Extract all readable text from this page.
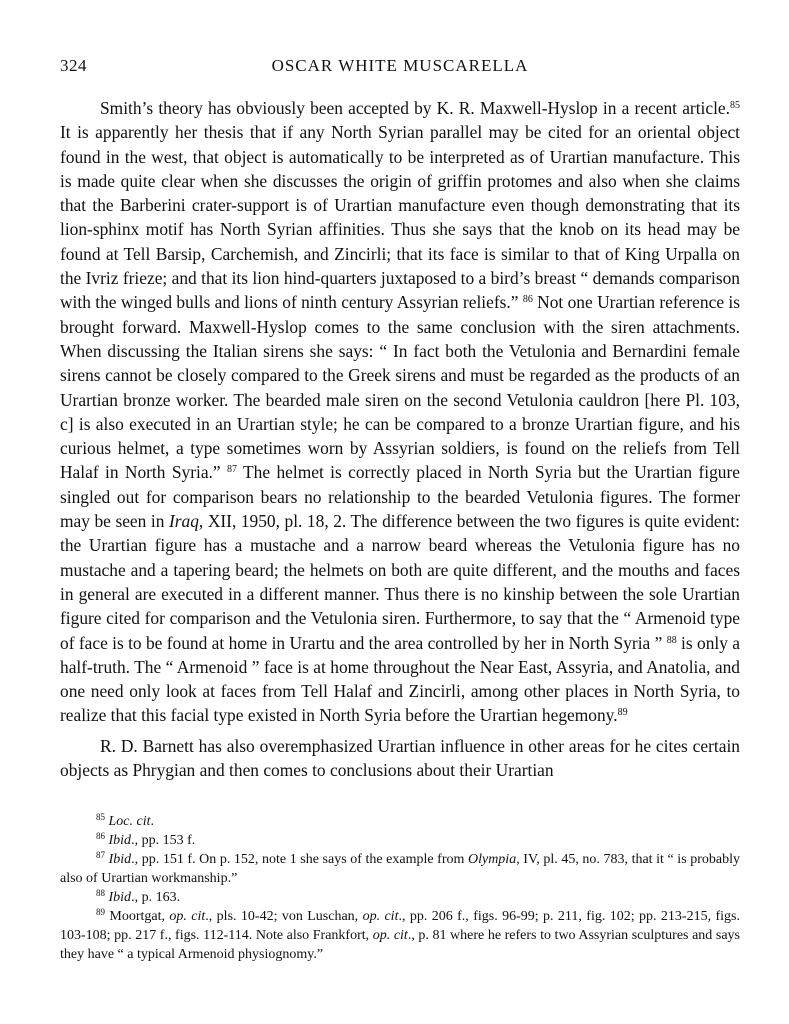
324	OSCAR WHITE MUSCARELLA

Smith’s theory has obviously been accepted by K. R. Maxwell-Hyslop in a recent article.$^{85}$ It is apparently her thesis that if any North Syrian parallel may be cited for an oriental object found in the west, that object is automatically to be interpreted as of Urartian manufacture. This is made quite clear when she discusses the origin of griffin protomes and also when she claims that the Barberini crater-support is of Urartian manufacture even though demonstrating that its lion-sphinx motif has North Syrian affinities. Thus she says that the knob on its head may be found at Tell Barsip, Carchemish, and Zincirli; that its face is similar to that of King Urpalla on the Ivriz frieze; and that its lion hind-quarters juxtaposed to a bird’s breast “ demands comparison with the winged bulls and lions of ninth century Assyrian reliefs.” $^{86}$ Not one Urartian reference is brought forward. Maxwell-Hyslop comes to the same conclusion with the siren attachments. When discussing the Italian sirens she says: “ In fact both the Vetulonia and Bernardini female sirens cannot be closely compared to the Greek sirens and must be regarded as the products of an Urartian bronze worker. The bearded male siren on the second Vetulonia cauldron [here Pl. 103, c] is also executed in an Urartian style; he can be compared to a bronze Urartian figure, and his curious helmet, a type sometimes worn by Assyrian soldiers, is found on the reliefs from Tell Halaf in North Syria.” $^{87}$ The helmet is correctly placed in North Syria but the Urartian figure singled out for comparison bears no relationship to the bearded Vetulonia figures. The former may be seen in Iraq, XII, 1950, pl. 18, 2. The difference between the two figures is quite evident: the Urartian figure has a mustache and a narrow beard whereas the Vetulonia figure has no mustache and a tapering beard; the helmets on both are quite different, and the mouths and faces in general are executed in a different manner. Thus there is no kinship between the sole Urartian figure cited for comparison and the Vetulonia siren. Furthermore, to say that the “ Armenoid type of face is to be found at home in Urartu and the area controlled by her in North Syria ” $^{88}$ is only a half-truth. The “ Armenoid ” face is at home throughout the Near East, Assyria, and Anatolia, and one need only look at faces from Tell Halaf and Zincirli, among other places in North Syria, to realize that this facial type existed in North Syria before the Urartian hegemony.$^{89}$

R. D. Barnett has also overemphasized Urartian influence in other areas for he cites certain objects as Phrygian and then comes to conclusions about their Urartian

$^{85}$ Loc. cit.
$^{86}$ Ibid., pp. 153 f.
$^{87}$ Ibid., pp. 151 f. On p. 152, note 1 she says of the example from Olympia, IV, pl. 45, no. 783, that it “ is probably also of Urartian workmanship.”
$^{88}$ Ibid., p. 163.
$^{89}$ Moortgat, op. cit., pls. 10-42; von Luschan, op. cit., pp. 206 f., figs. 96-99; p. 211, fig. 102; pp. 213-215, figs. 103-108; pp. 217 f., figs. 112-114. Note also Frankfort, op. cit., p. 81 where he refers to two Assyrian sculptures and says they have “ a typical Armenoid physiognomy.”
